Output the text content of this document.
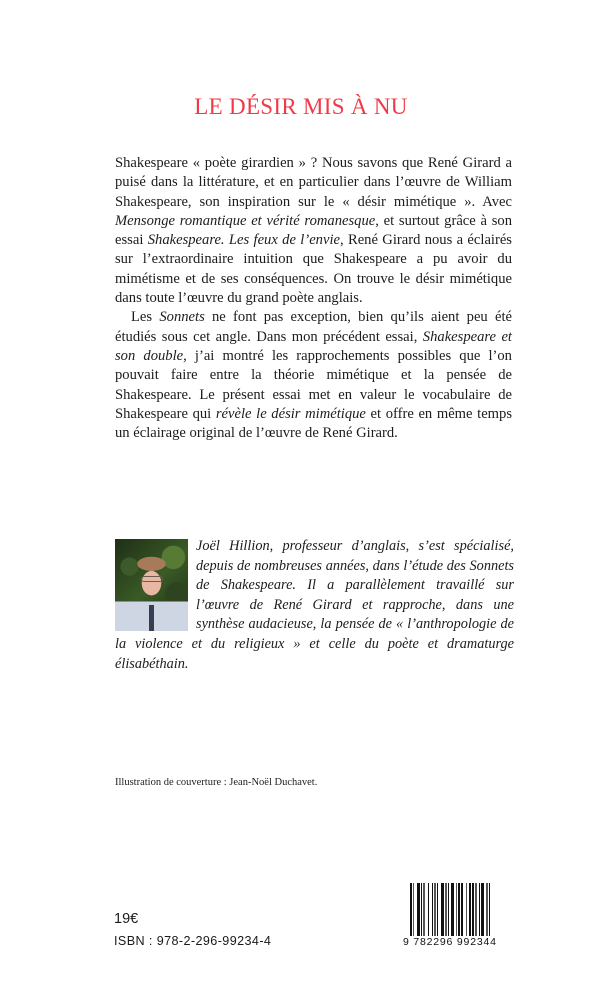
LE DÉSIR MIS À NU

Shakespeare « poète girardien » ? Nous savons que René Girard a puisé dans la littérature, et en particulier dans l’œuvre de William Shakespeare, son inspiration sur le « désir mimétique ». Avec Mensonge romantique et vérité romanesque, et surtout grâce à son essai Shakespeare. Les feux de l’envie, René Girard nous a éclairés sur l’extraordinaire intuition que Shakespeare a pu avoir du mimétisme et de ses conséquences. On trouve le désir mimétique dans toute l’œuvre du grand poète anglais.

Les Sonnets ne font pas exception, bien qu’ils aient peu été étudiés sous cet angle. Dans mon précédent essai, Shakespeare et son double, j’ai montré les rapprochements possibles que l’on pouvait faire entre la théorie mimétique et la pensée de Shakespeare. Le présent essai met en valeur le vocabulaire de Shakespeare qui révèle le désir mimétique et offre en même temps un éclairage original de l’œuvre de René Girard.

Joël Hillion, professeur d’anglais, s’est spécialisé, depuis de nombreuses années, dans l’étude des Sonnets de Shakespeare. Il a parallèlement travaillé sur l’œuvre de René Girard et rapproche, dans une synthèse audacieuse, la pensée de « l’anthropologie de la violence et du religieux » et celle du poète et dramaturge élisabéthain.
Illustration de couverture : Jean-Noël Duchavet.
19€
ISBN : 978-2-296-99234-4	9 782296 992344
